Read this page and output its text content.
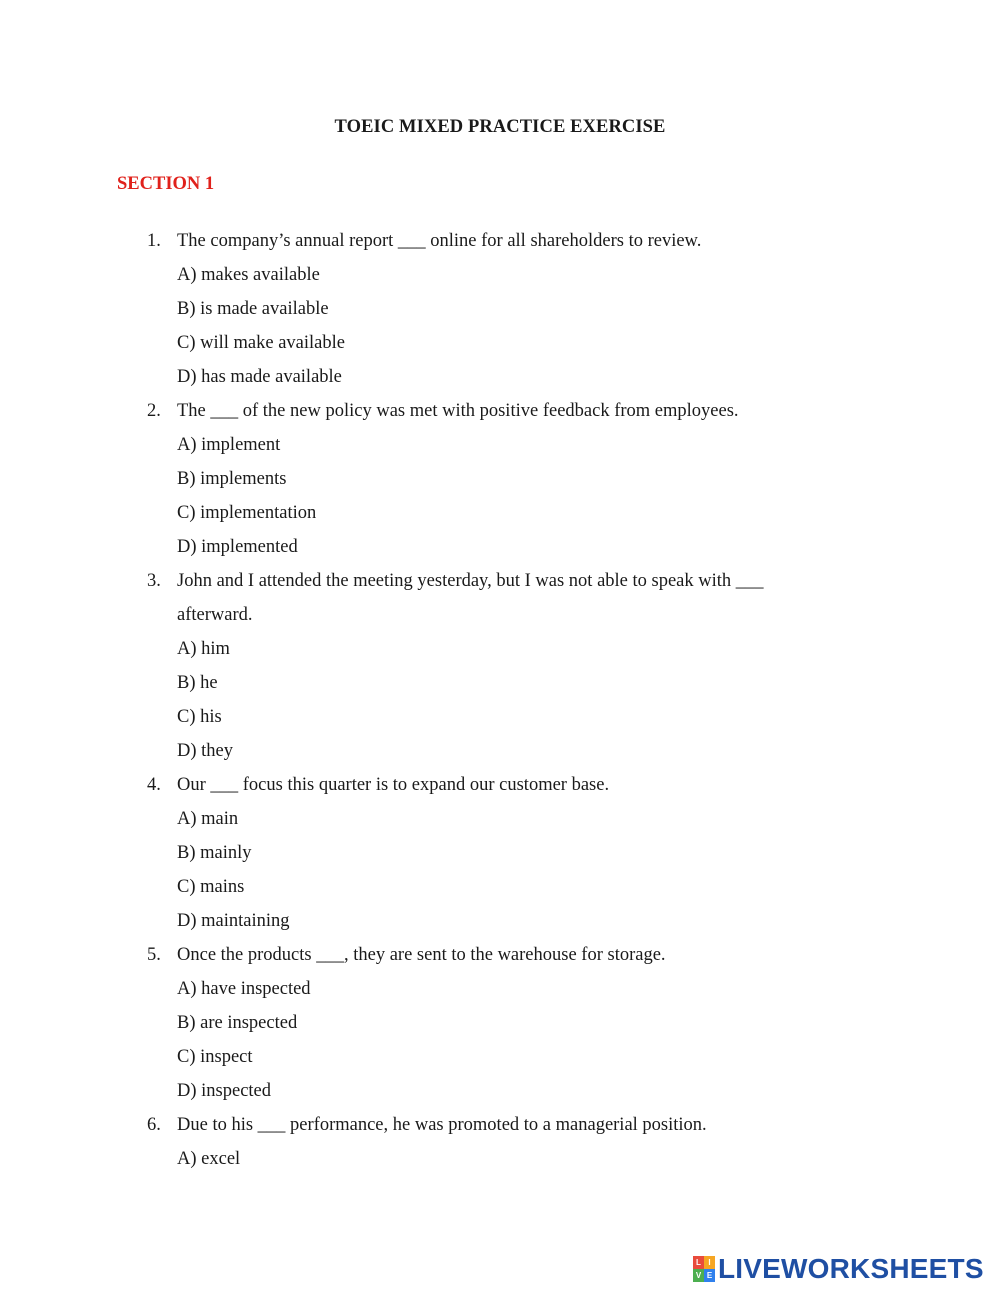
TOEIC MIXED PRACTICE EXERCISE
SECTION 1
1. The company’s annual report ___ online for all shareholders to review.
A) makes available
B) is made available
C) will make available
D) has made available
2. The ___ of the new policy was met with positive feedback from employees.
A) implement
B) implements
C) implementation
D) implemented
3. John and I attended the meeting yesterday, but I was not able to speak with ___
afterward.
A) him
B) he
C) his
D) they
4. Our ___ focus this quarter is to expand our customer base.
A) main
B) mainly
C) mains
D) maintaining
5. Once the products ___, they are sent to the warehouse for storage.
A) have inspected
B) are inspected
C) inspect
D) inspected
6. Due to his ___ performance, he was promoted to a managerial position.
A) excel
L I
V E LIVEWORKSHEETS
